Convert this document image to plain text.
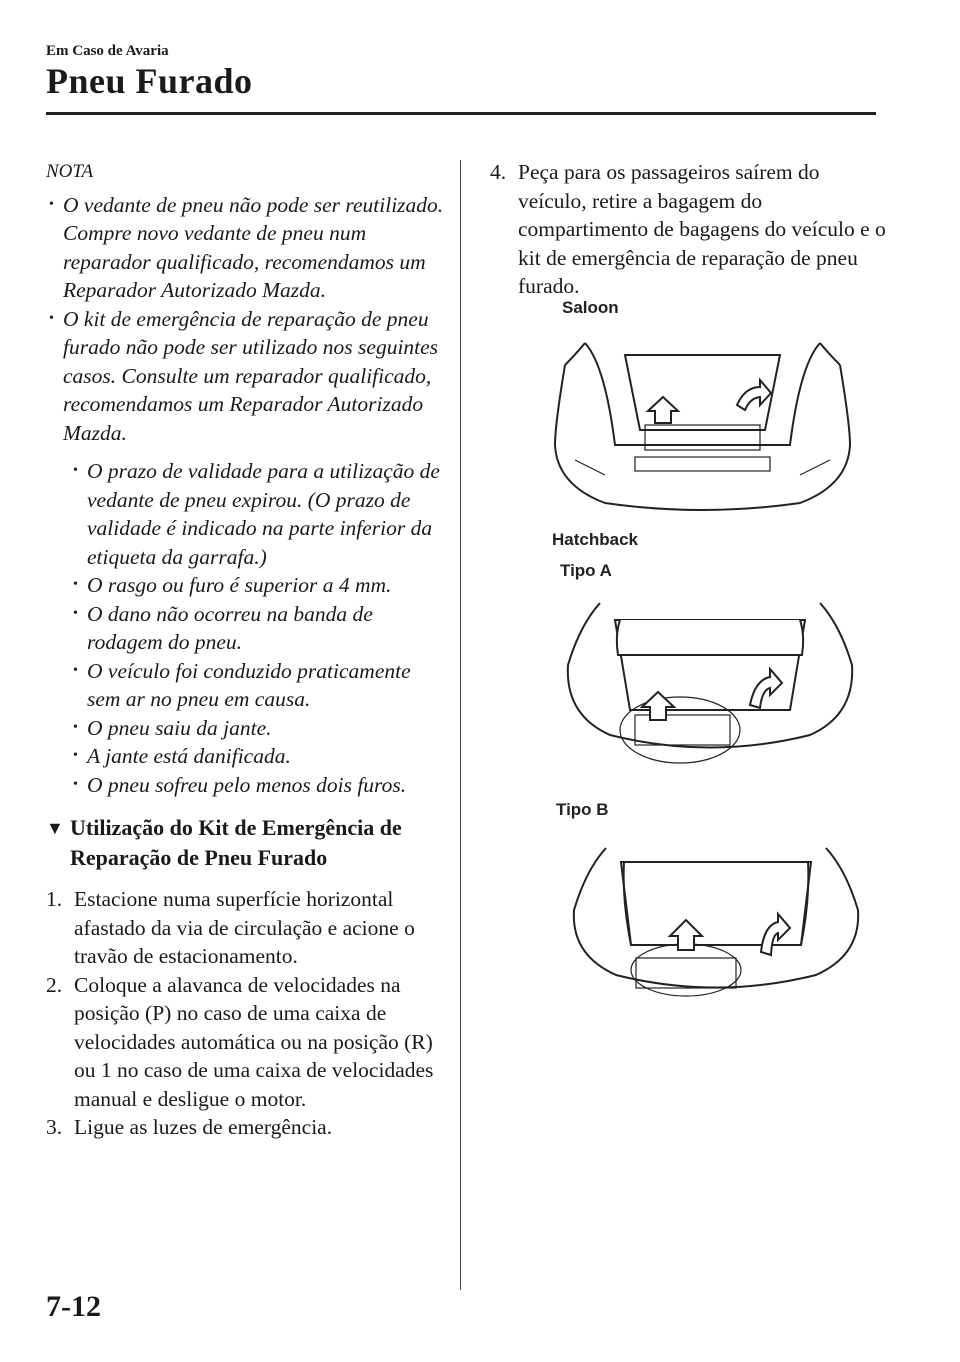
Em Caso de Avaria
Pneu Furado
NOTA
• O vedante de pneu não pode ser reutilizado. Compre novo vedante de pneu num reparador qualificado, recomendamos um Reparador Autorizado Mazda.
• O kit de emergência de reparação de pneu furado não pode ser utilizado nos seguintes casos. Consulte um reparador qualificado, recomendamos um Reparador Autorizado Mazda.
• O prazo de validade para a utilização de vedante de pneu expirou. (O prazo de validade é indicado na parte inferior da etiqueta da garrafa.)
• O rasgo ou furo é superior a 4 mm.
• O dano não ocorreu na banda de rodagem do pneu.
• O veículo foi conduzido praticamente sem ar no pneu em causa.
• O pneu saiu da jante.
• A jante está danificada.
• O pneu sofreu pelo menos dois furos.
▼ Utilização do Kit de Emergência de Reparação de Pneu Furado
1. Estacione numa superfície horizontal afastado da via de circulação e acione o travão de estacionamento.
2. Coloque a alavanca de velocidades na posição (P) no caso de uma caixa de velocidades automática ou na posição (R) ou 1 no caso de uma caixa de velocidades manual e desligue o motor.
3. Ligue as luzes de emergência.
4. Peça para os passageiros saírem do veículo, retire a bagagem do compartimento de bagagens do veículo e o kit de emergência de reparação de pneu furado.
Saloon
Hatchback
Tipo A
Tipo B
7-12
